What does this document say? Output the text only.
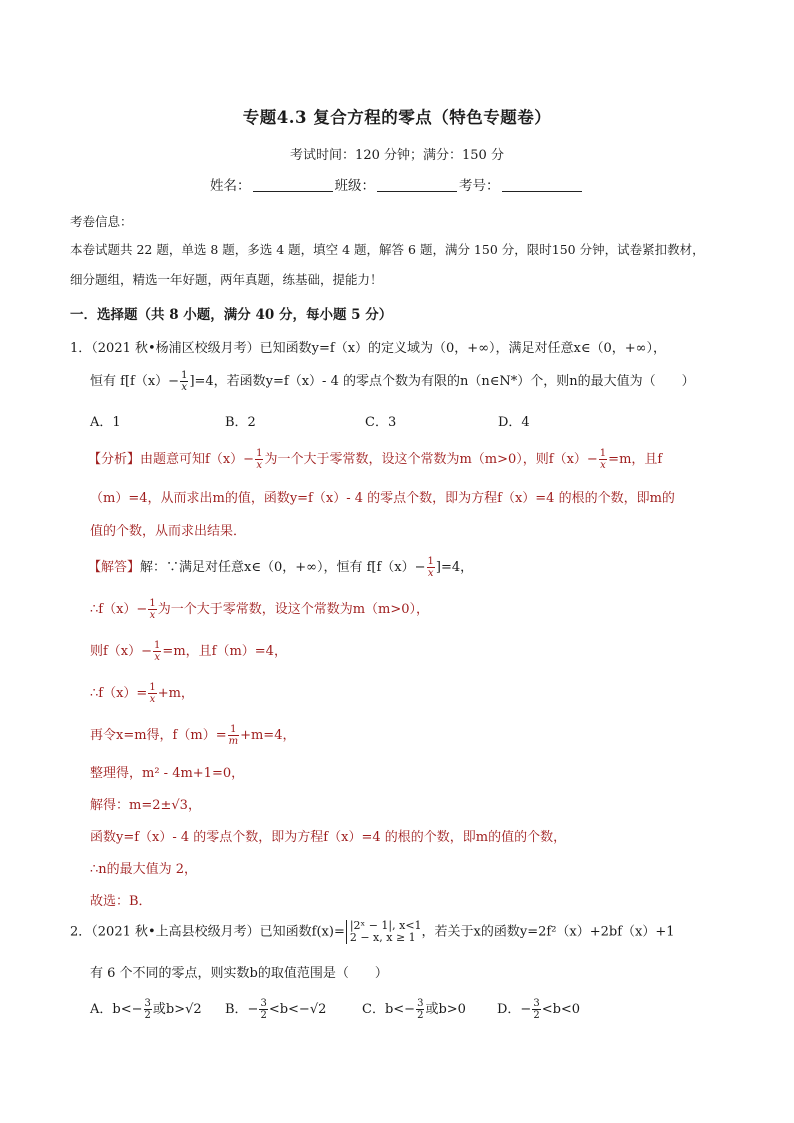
专题4.3 复合方程的零点（特色专题卷）
考试时间：120 分钟；满分：150 分
姓名：	班级：	考号：
考卷信息：
本卷试题共 22 题，单选 8 题，多选 4 题，填空 4 题，解答 6 题，满分 150 分，限时150 分钟，试卷紧扣教材，
细分题组，精选一年好题，两年真题，练基础，提能力！
一．选择题（共 8 小题，满分 40 分，每小题 5 分）
1．（2021 秋•杨浦区校级月考）已知函数y=f（x）的定义域为（0，+∞），满足对任意x∈（0，+∞），
恒有 $f[f(x)- \frac{1}{x} ]=4$，若函数y=f（x）- 4 的零点个数为有限的n（n∈N*）个，则n的最大值为（　　）
A．1	B．2	C．3	D．4
【分析】由题意可知$f(x)- \frac{1}{x}$ 为一个大于零常数，设这个常数为m（m>0），则$f(x)- \frac{1}{x} =m$，且f
（m）=4，从而求出m的值，函数y=f（x）- 4 的零点个数，即为方程f（x）=4 的根的个数，即m的
值的个数，从而求出结果．
【解答】解：∵满足对任意x∈（0，+∞），恒有 $f[f(x)- \frac{1}{x} ]=4$，
∴f（x）− $\frac{1}{x}$ 为一个大于零常数，设这个常数为m（m>0），
则$f(x)- \frac{1}{x} =m$，且f（m）=4，
∴f（x）= $\frac{1}{x} +m$，
再令x=m得，$f(m)= \frac{1}{m} +m=4$，
整理得，m² - 4m+1=0，
解得：m=2±√3，
函数y=f（x）- 4 的零点个数，即为方程f（x）=4 的根的个数，即m的值的个数，
∴n的最大值为 2，
故选：B．
2．（2021 秋•上高县校级月考）已知函数f(x)= |2ˣ − 1|, x<1
2 − x, x ≥ 1 ，若关于x的函数y=2f²（x）+2bf（x）+1
有 6 个不同的零点，则实数b的取值范围是（　　）
A．$b<- \frac{3}{2}$ 或b>√2 B．− $\frac{3}{2} <b<-√2$	C．$b<- \frac{3}{2}$ 或b>0 D．− $\frac{3}{2} <b<0$
